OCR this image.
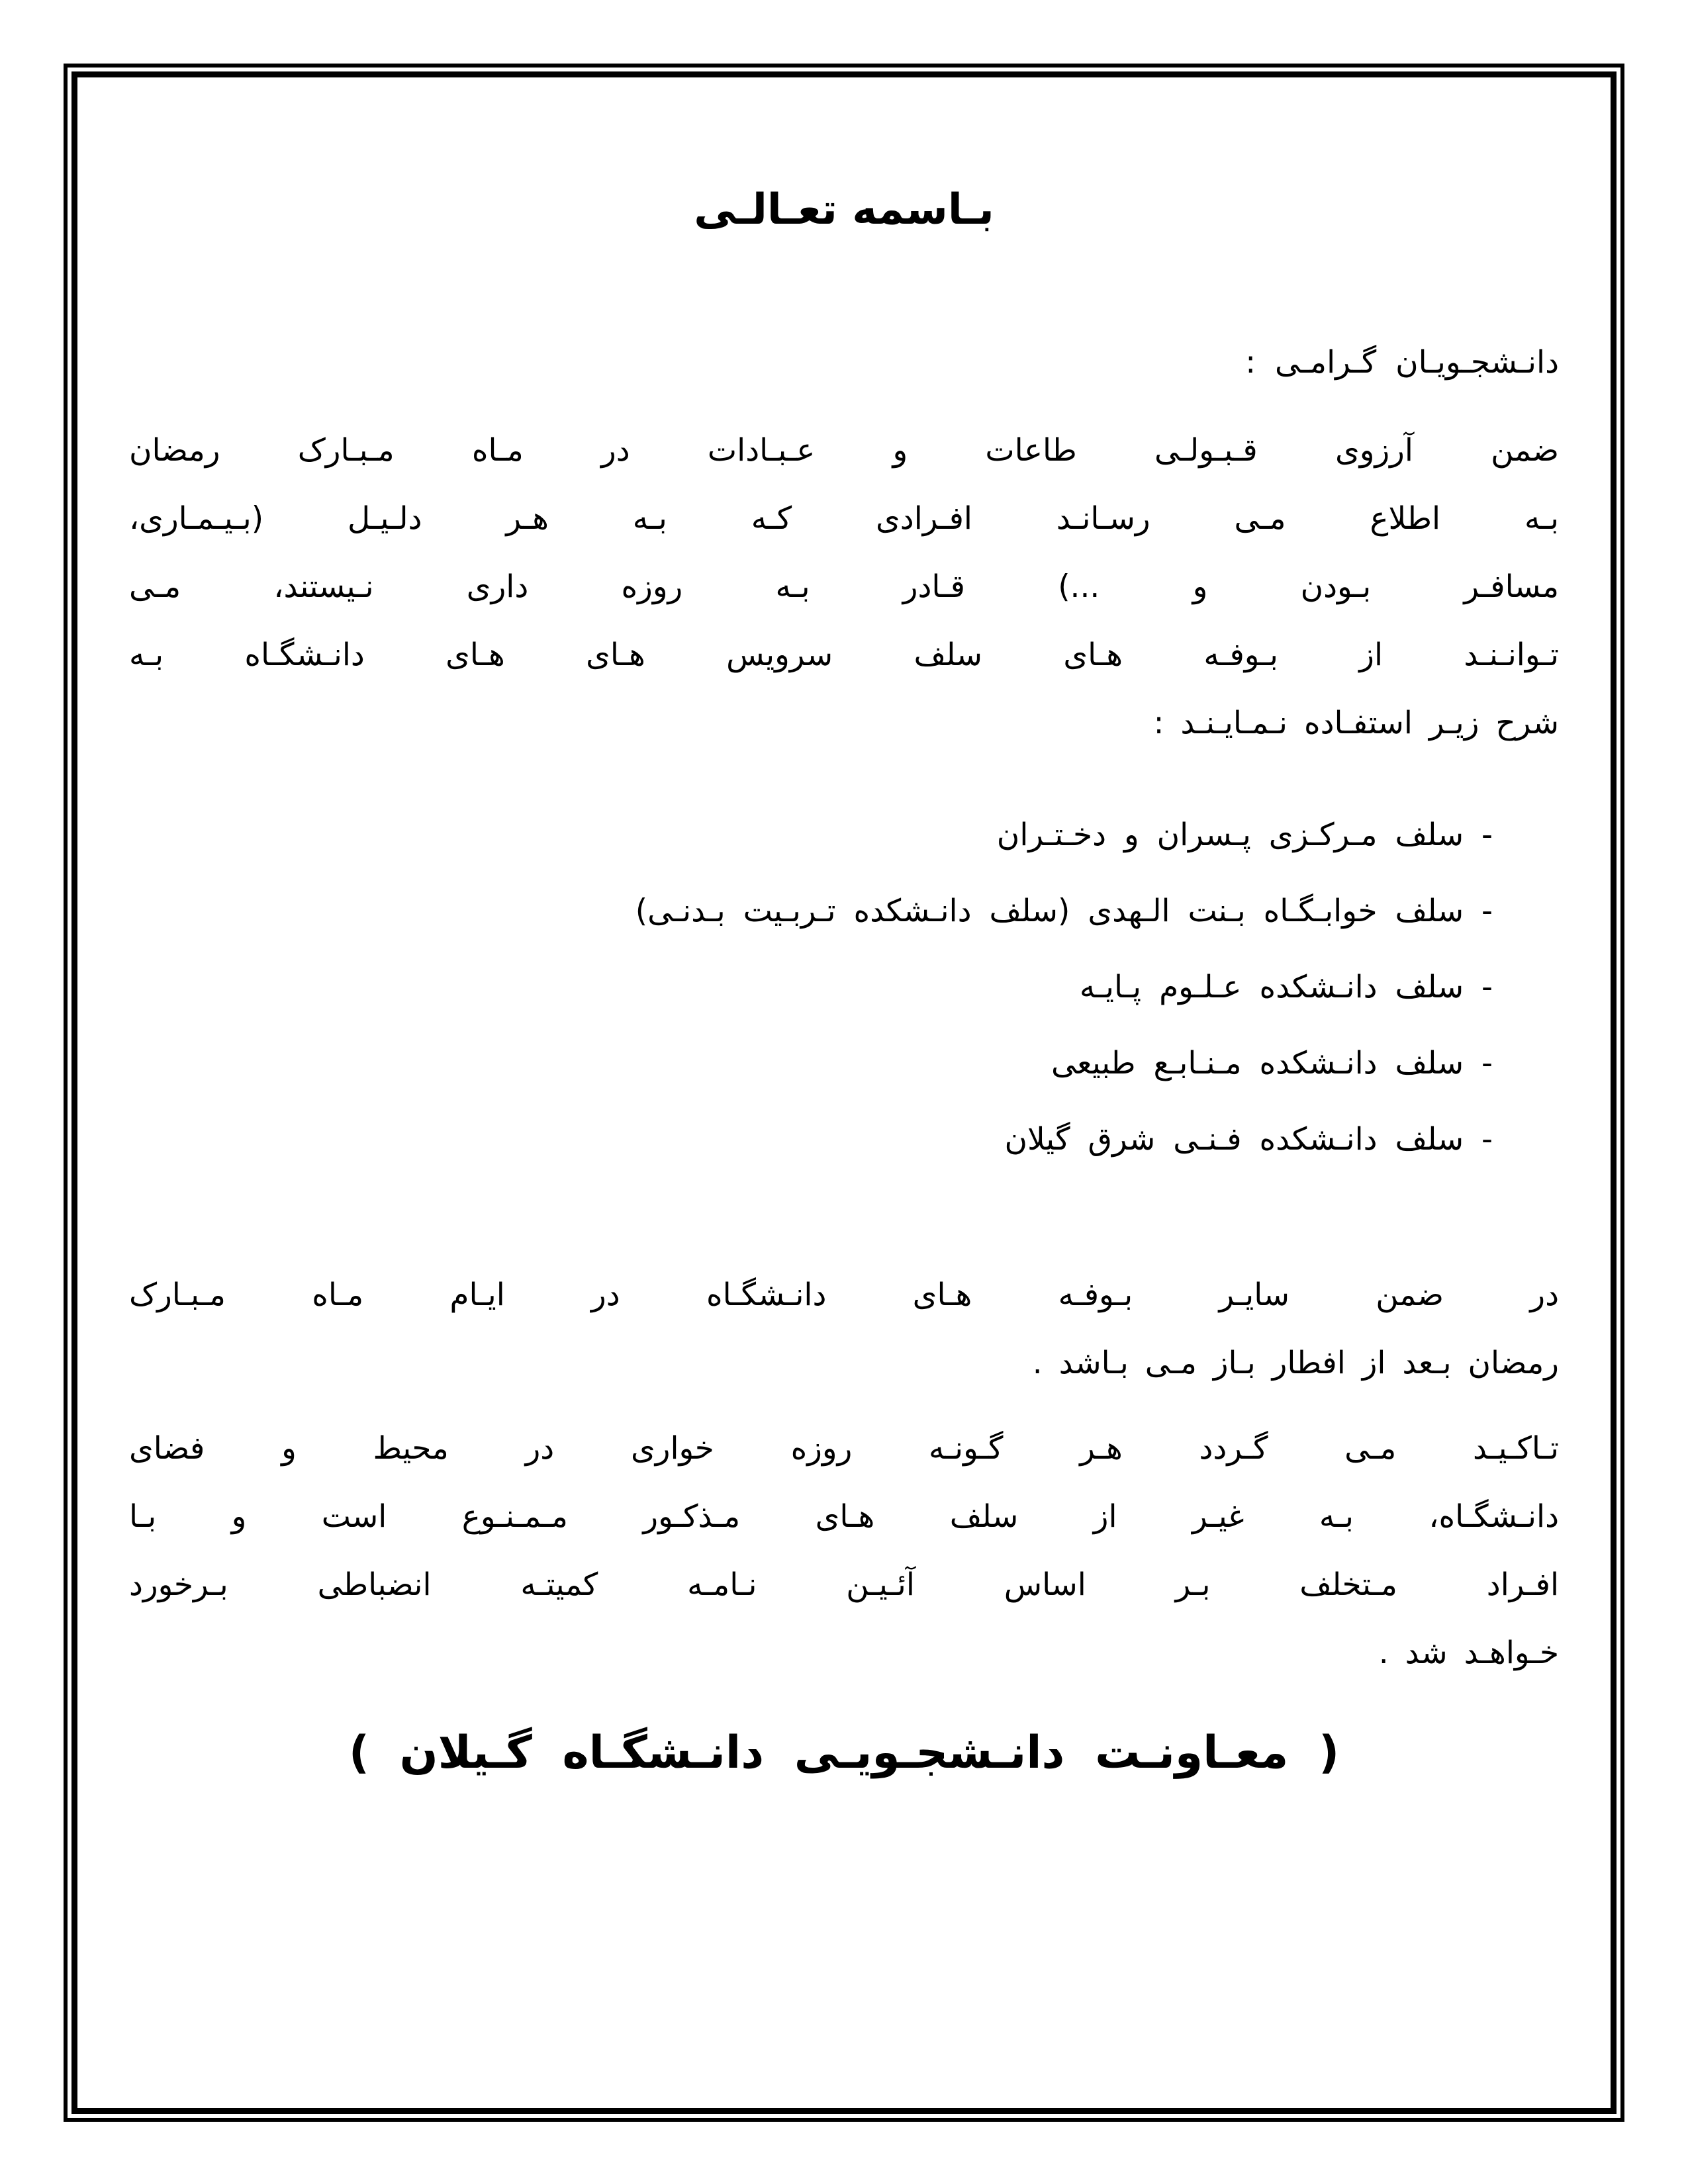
بـاسمه تعـالـی
دانـشجـویـان گـرامـی :
ضمن آرزوی قـبـولـی طاعات و عـبـادات در مـاه مـبـارک رمضان
بـه اطلاع مـی رسـانـد افـرادی کـه بـه هـر دلـیـل (بـیـمـاری،
مسافـر بـودن و ...) قـادر بـه روزه داری نـیستند، مـی
تـوانـنـد از بـوفـه هـای سلف سرویس هـای هـای دانـشگـاه بـه
شرح زیـر استفـاده نـمـایـنـد :
- سلف مـرکـزی پـسران و دخـتـران
- سلف خوابـگـاه بـنت الـهدی (سلف دانـشکده تـربـیت بـدنـی)
- سلف دانـشکده عـلـوم پـایـه
- سلف دانـشکده مـنـابـع طبیعی
- سلف دانـشکده فـنـی شرق گیلان
در ضمن سایـر بـوفـه هـای دانـشگـاه در ایـام مـاه مـبـارک
رمضان بـعد از افطار بـاز مـی بـاشد .
تـاکـیـد مـی گـردد هـر گـونـه روزه خواری در محیط و فضای
دانـشگـاه، بـه غیـر از سلف هـای مـذکـور مـمـنـوع است و بـا
افـراد مـتخلف بـر اساس آئـیـن نـامـه کمیتـه انضباطی بـرخورد
خـواهـد شد .
( معـاونـت دانـشجـویـی دانـشگـاه گـیلان )
